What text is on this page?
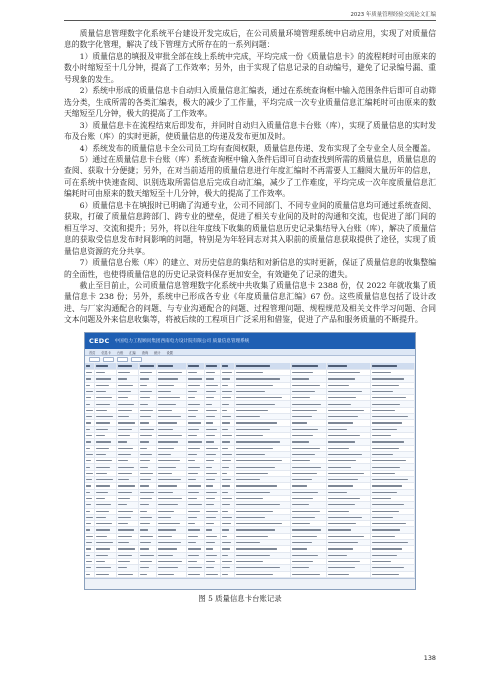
2023 年质量管理经验交流论文汇编

质量信息管理数字化系统平台建设开发完成后，在公司质量环境管理系统中启动应用，实现了对质量信息的数字化管理，解决了线下管理方式所存在的一系列问题：

1）质量信息的填报及审批全部在线上系统中完成，平均完成一份《质量信息卡》的流程耗时可由原来的数小时缩短至十几分钟，提高了工作效率；另外，由于实现了信息记录的自动编号，避免了记录编号漏、重号现象的发生。

2）系统中形成的质量信息卡自动归入质量信息汇编表，通过在系统查询框中输入范围条件后即可自动筛选分类，生成所需的各类汇编表，极大的减少了工作量，平均完成一次专业质量信息汇编耗时可由原来的数天缩短至几分钟，极大的提高了工作效率。

3）质量信息卡在流程结束后即发布，并同时自动归入质量信息卡台账（库），实现了质量信息的实时发布及台账（库）的实时更新，使质量信息的传递及发布更加及时。

4）系统发布的质量信息卡全公司员工均有查阅权限，质量信息传递、发布实现了全专业全人员全覆盖。

5）通过在质量信息卡台账（库）系统查询框中输入条件后即可自动查找到所需的质量信息，质量信息的查阅、获取十分便捷；另外，在对当前适用的质量信息进行年度汇编时不再需要人工翻阅大量历年的信息，可在系统中快速查阅、识别选取所需信息后完成自动汇编，减少了工作难度，平均完成一次年度质量信息汇编耗时可由原来的数天缩短至十几分钟，极大的提高了工作效率。

6）质量信息卡在填报时已明确了沟通专业，公司不同部门、不同专业间的质量信息均可通过系统查阅、获取，打破了质量信息跨部门、跨专业的壁垒，促进了相关专业间的及时的沟通和交流，也促进了部门间的相互学习、交流和提升；另外，将以往年度线下收集的质量信息历史记录集结导入台账（库），解决了质量信息的获取受信息发布时间影响的问题，特别是为年轻同志对其入职前的质量信息获取提供了途径，实现了质量信息资源的充分共享。

7）质量信息台账（库）的建立、对历史信息的集结和对新信息的实时更新，保证了质量信息的收集整编的全面性，也使得质量信息的历史记录资料保存更加安全，有效避免了记录的遗失。

截止至目前止，公司质量信息管理数字化系统中共收集了质量信息卡 2388 份，仅 2022 年就收集了质量信息卡 238 份；另外，系统中已形成各专业《年度质量信息汇编》67 份。这些质量信息包括了设计改进、与厂家沟通配合的问题、与专业沟通配合的问题、过程管理问题、规程规范及相关文件学习问题、合同文本问题及外来信息收集等，将被后续的工程项目广泛采用和借鉴，促进了产品和服务质量的不断提升。

CEDC 中国电力工程顾问集团西南电力设计院有限公司 质量信息管理系统
首页 信息卡 台账 汇编 查询 统计 设置
图 5 质量信息卡台账记录
138
